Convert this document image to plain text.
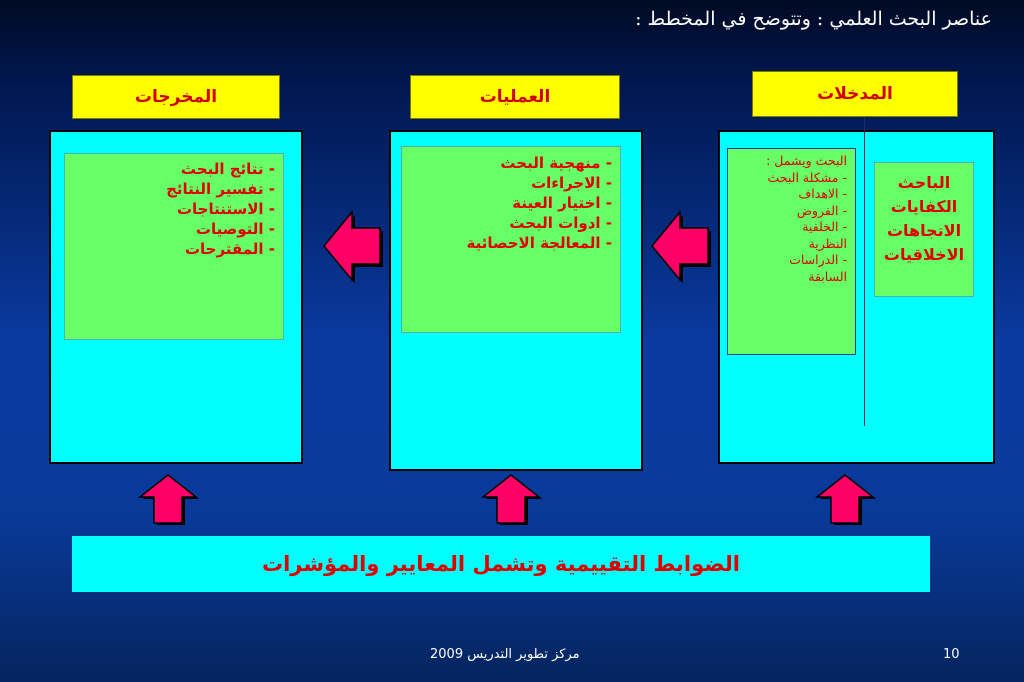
عناصر البحث العلمي : وتتوضح في المخطط :
المخرجات	العمليات	المدخلات
- نتائج البحث
- تفسير النتائج
- الاستنتاجات
- التوصيات
- المقترحات
- منهجية البحث
- الاجراءات
- اختيار العينة
- ادوات البحث
- المعالجة الاحصائية
البحث ويشمل :
- مشكلة البحث
- الاهداف
- الفروض
- الخلفية
النظرية
- الدراسات
السابقة
الباحث
الكفايات
الاتجاهات
الاخلاقيات
الضوابط التقييمية وتشمل المعايير والمؤشرات
مركز تطوير التدريس 2009	10
